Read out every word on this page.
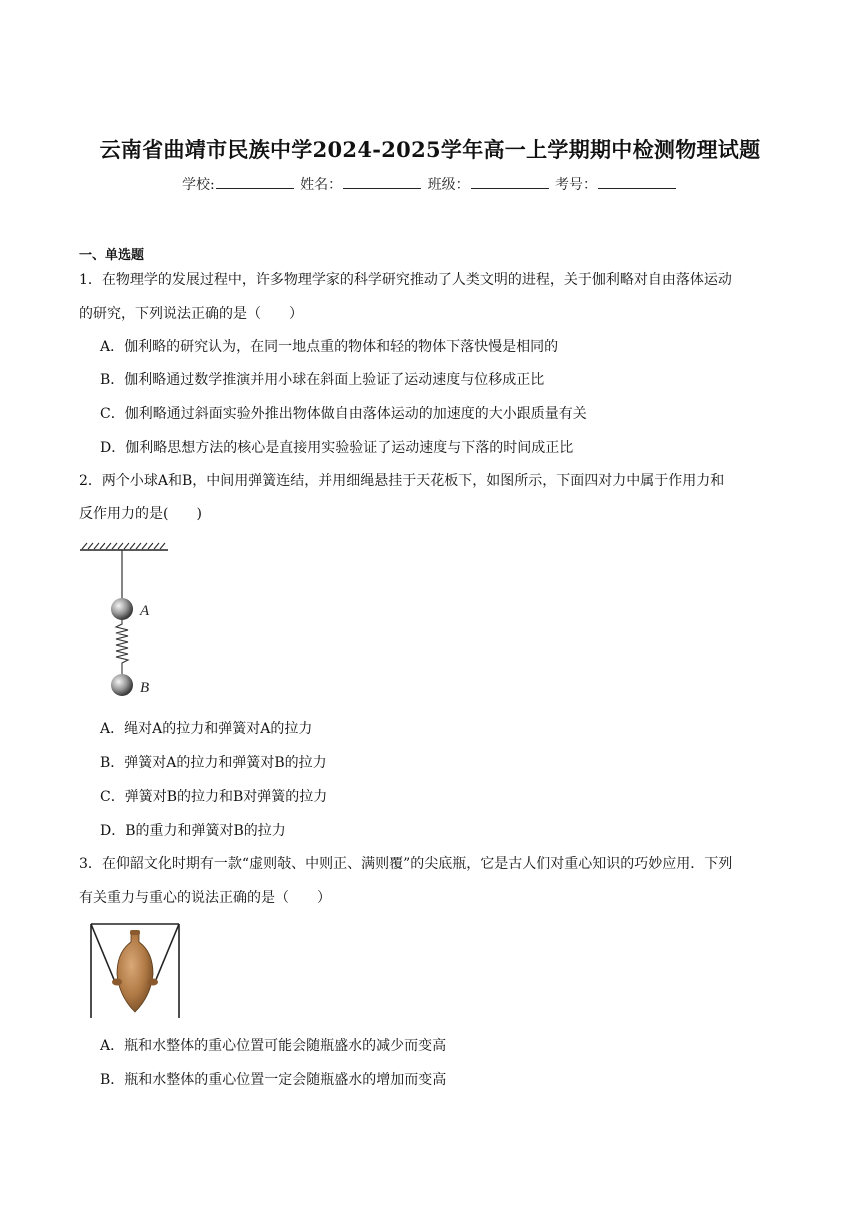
云南省曲靖市民族中学2024-2025学年高一上学期期中检测物理试题
学校:	姓名：	班级：	考号：
一、单选题
1．在物理学的发展过程中，许多物理学家的科学研究推动了人类文明的进程，关于伽利略对自由落体运动
的研究，下列说法正确的是（　　）
A．伽利略的研究认为，在同一地点重的物体和轻的物体下落快慢是相同的
B．伽利略通过数学推演并用小球在斜面上验证了运动速度与位移成正比
C．伽利略通过斜面实验外推出物体做自由落体运动的加速度的大小跟质量有关
D．伽利略思想方法的核心是直接用实验验证了运动速度与下落的时间成正比
2．两个小球A和B，中间用弹簧连结，并用细绳悬挂于天花板下，如图所示，下面四对力中属于作用力和
反作用力的是(　　)
A
B
A．绳对A的拉力和弹簧对A的拉力
B．弹簧对A的拉力和弹簧对B的拉力
C．弹簧对B的拉力和B对弹簧的拉力
D．B的重力和弹簧对B的拉力
3．在仰韶文化时期有一款“虚则敧、中则正、满则覆”的尖底瓶，它是古人们对重心知识的巧妙应用．下列
有关重力与重心的说法正确的是（　　）
A．瓶和水整体的重心位置可能会随瓶盛水的减少而变高
B．瓶和水整体的重心位置一定会随瓶盛水的增加而变高
